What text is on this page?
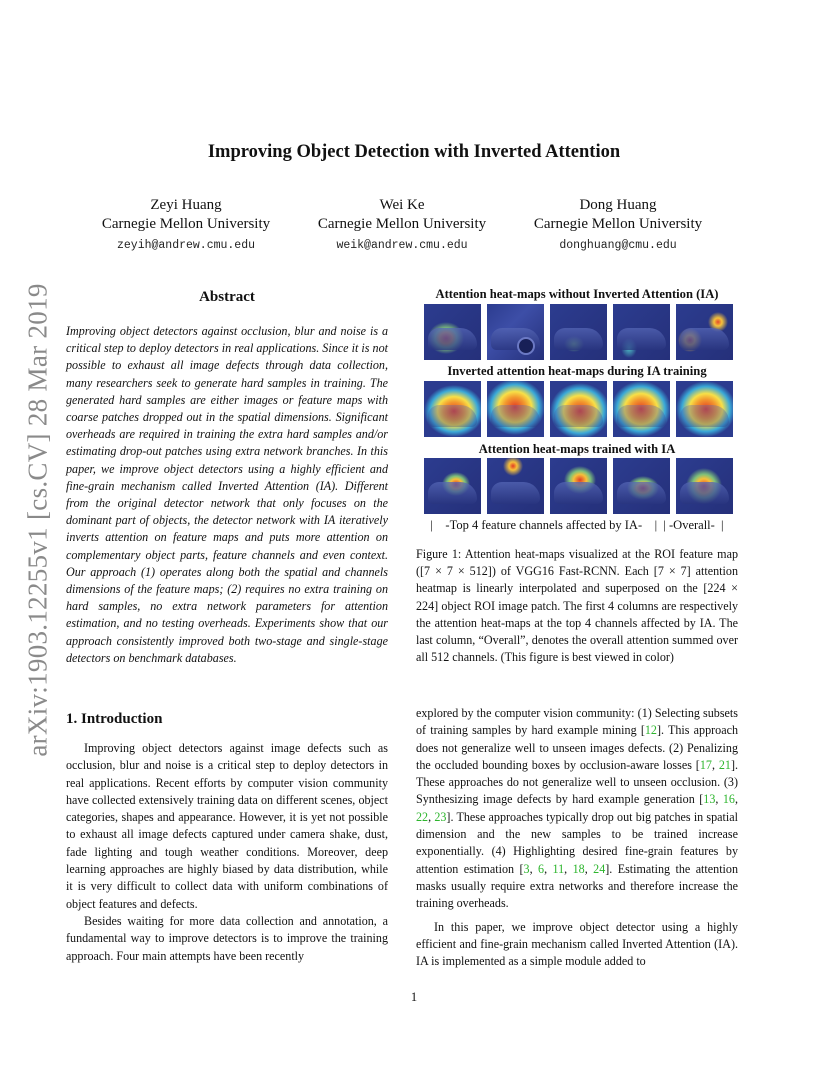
Improving Object Detection with Inverted Attention
Zeyi Huang
Carnegie Mellon University
zeyih@andrew.cmu.edu
Wei Ke
Carnegie Mellon University
weik@andrew.cmu.edu
Dong Huang
Carnegie Mellon University
donghuang@cmu.edu
arXiv:1903.12255v1 [cs.CV] 28 Mar 2019	Abstract

Improving object detectors against occlusion, blur and noise is a critical step to deploy detectors in real applications. Since it is not possible to exhaust all image defects through data collection, many researchers seek to generate hard samples in training. The generated hard samples are either images or feature maps with coarse patches dropped out in the spatial dimensions. Significant overheads are required in training the extra hard samples and/or estimating drop-out patches using extra network branches. In this paper, we improve object detectors using a highly efficient and fine-grain mechanism called Inverted Attention (IA). Different from the original detector network that only focuses on the dominant part of objects, the detector network with IA iteratively inverts attention on feature maps and puts more attention on complementary object parts, feature channels and even context. Our approach (1) operates along both the spatial and channels dimensions of the feature maps; (2) requires no extra training on hard samples, no extra network parameters for attention estimation, and no testing overheads. Experiments show that our approach consistently improved both two-stage and single-stage detectors on benchmark databases.

1. Introduction

Improving object detectors against image defects such as occlusion, blur and noise is a critical step to deploy detectors in real applications. Recent efforts by computer vision community have collected extensively training data on different scenes, object categories, shapes and appearance. However, it is yet not possible to exhaust all image defects captured under camera shake, dust, fade lighting and tough weather conditions. Moreover, deep learning approaches are highly biased by data distribution, while it is very difficult to collect data with uniform combinations of object features and defects.

Besides waiting for more data collection and annotation, a fundamental way to improve detectors is to improve the training approach. Four main attempts have been recently

Attention heat-maps without Inverted Attention (IA)
Inverted attention heat-maps during IA training
Attention heat-maps trained with IA
|    -Top 4 feature channels affected by IA-    |  | -Overall-  |
Figure 1: Attention heat-maps visualized at the ROI feature map ([7 × 7 × 512]) of VGG16 Fast-RCNN. Each [7 × 7] attention heatmap is linearly interpolated and superposed on the [224 × 224] object ROI image patch. The first 4 columns are respectively the attention heat-maps at the top 4 channels affected by IA. The last column, “Overall”, denotes the overall attention summed over all 512 channels. (This figure is best viewed in color)

explored by the computer vision community: (1) Selecting subsets of training samples by hard example mining [12]. This approach does not generalize well to unseen images defects. (2) Penalizing the occluded bounding boxes by occlusion-aware losses [17, 21]. These approaches do not generalize well to unseen occlusion. (3) Synthesizing image defects by hard example generation [13, 16, 22, 23]. These approaches typically drop out big patches in spatial dimension and the new samples to be trained increase exponentially. (4) Highlighting desired fine-grain features by attention estimation [3, 6, 11, 18, 24]. Estimating the attention masks usually require extra networks and therefore increase the training overheads.

In this paper, we improve object detector using a highly efficient and fine-grain mechanism called Inverted Attention (IA). IA is implemented as a simple module added to

1
